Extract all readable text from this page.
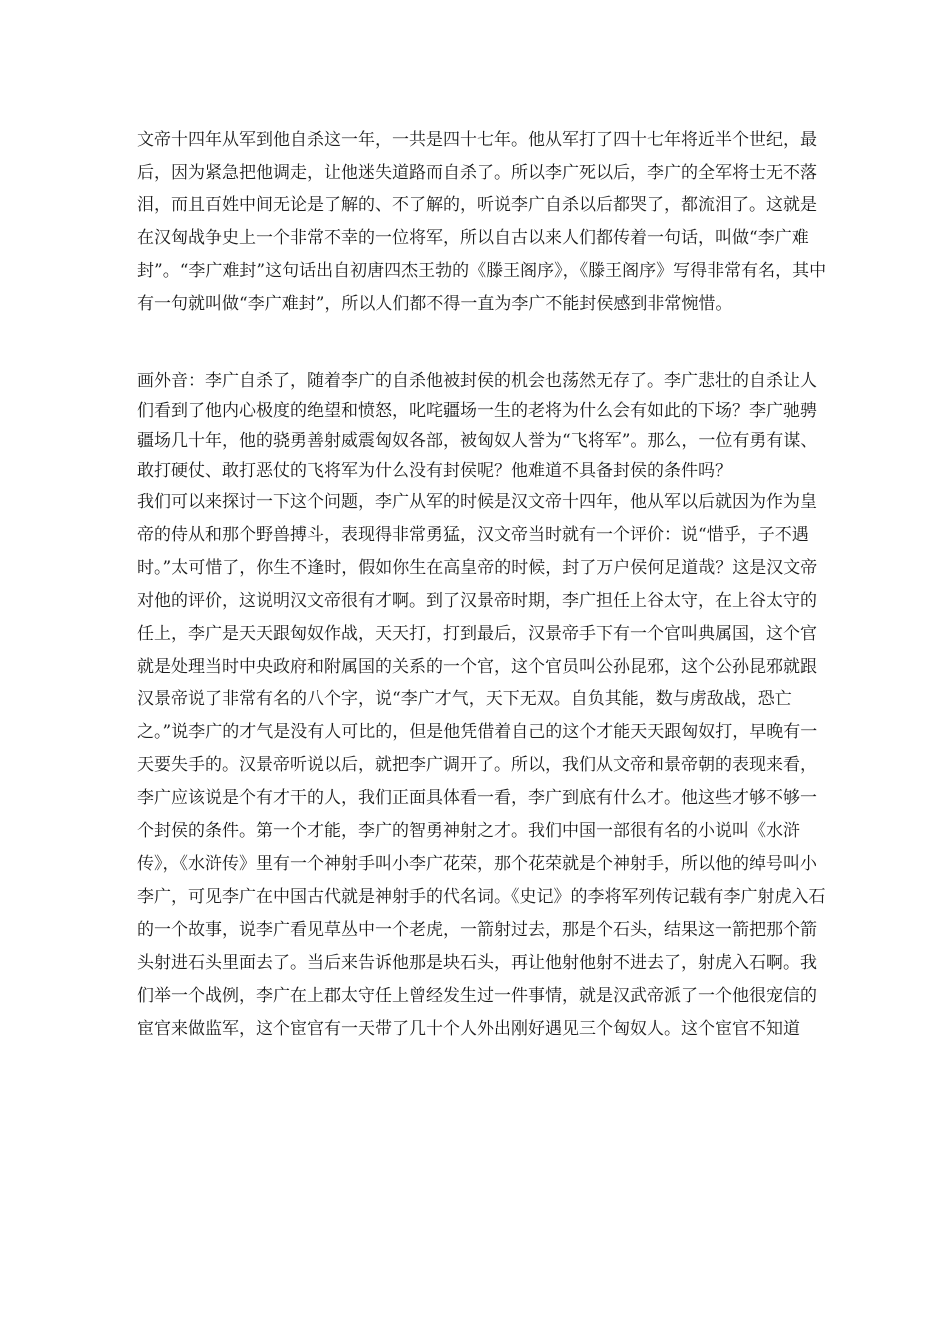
文帝十四年从军到他自杀这一年，一共是四十七年。他从军打了四十七年将近半个世纪，最后，因为紧急把他调走，让他迷失道路而自杀了。所以李广死以后，李广的全军将士无不落泪，而且百姓中间无论是了解的、不了解的，听说李广自杀以后都哭了，都流泪了。这就是在汉匈战争史上一个非常不幸的一位将军，所以自古以来人们都传着一句话，叫做“李广难封”。“李广难封”这句话出自初唐四杰王勃的《滕王阁序》，《滕王阁序》写得非常有名，其中有一句就叫做“李广难封”，所以人们都不得一直为李广不能封侯感到非常惋惜。

画外音：李广自杀了，随着李广的自杀他被封侯的机会也荡然无存了。李广悲壮的自杀让人们看到了他内心极度的绝望和愤怒，叱咤疆场一生的老将为什么会有如此的下场？李广驰骋疆场几十年，他的骁勇善射威震匈奴各部，被匈奴人誉为“飞将军”。那么，一位有勇有谋、敢打硬仗、敢打恶仗的飞将军为什么没有封侯呢？他难道不具备封侯的条件吗？

我们可以来探讨一下这个问题，李广从军的时候是汉文帝十四年，他从军以后就因为作为皇帝的侍从和那个野兽搏斗，表现得非常勇猛，汉文帝当时就有一个评价：说“惜乎，子不遇时。”太可惜了，你生不逢时，假如你生在高皇帝的时候，封了万户侯何足道哉？这是汉文帝对他的评价，这说明汉文帝很有才啊。到了汉景帝时期，李广担任上谷太守，在上谷太守的任上，李广是天天跟匈奴作战，天天打，打到最后，汉景帝手下有一个官叫典属国，这个官就是处理当时中央政府和附属国的关系的一个官，这个官员叫公孙昆邪，这个公孙昆邪就跟汉景帝说了非常有名的八个字，说“李广才气，天下无双。自负其能，数与虏敌战，恐亡之。”说李广的才气是没有人可比的，但是他凭借着自己的这个才能天天跟匈奴打，早晚有一天要失手的。汉景帝听说以后，就把李广调开了。所以，我们从文帝和景帝朝的表现来看，李广应该说是个有才干的人，我们正面具体看一看，李广到底有什么才。他这些才够不够一个封侯的条件。第一个才能，李广的智勇神射之才。我们中国一部很有名的小说叫《水浒传》，《水浒传》里有一个神射手叫小李广花荣，那个花荣就是个神射手，所以他的绰号叫小李广，可见李广在中国古代就是神射手的代名词。《史记》的李将军列传记载有李广射虎入石的一个故事，说李广看见草丛中一个老虎，一箭射过去，那是个石头，结果这一箭把那个箭头射进石头里面去了。当后来告诉他那是块石头，再让他射他射不进去了，射虎入石啊。我们举一个战例，李广在上郡太守任上曾经发生过一件事情，就是汉武帝派了一个他很宠信的宦官来做监军，这个宦官有一天带了几十个人外出刚好遇见三个匈奴人。这个宦官不知道
